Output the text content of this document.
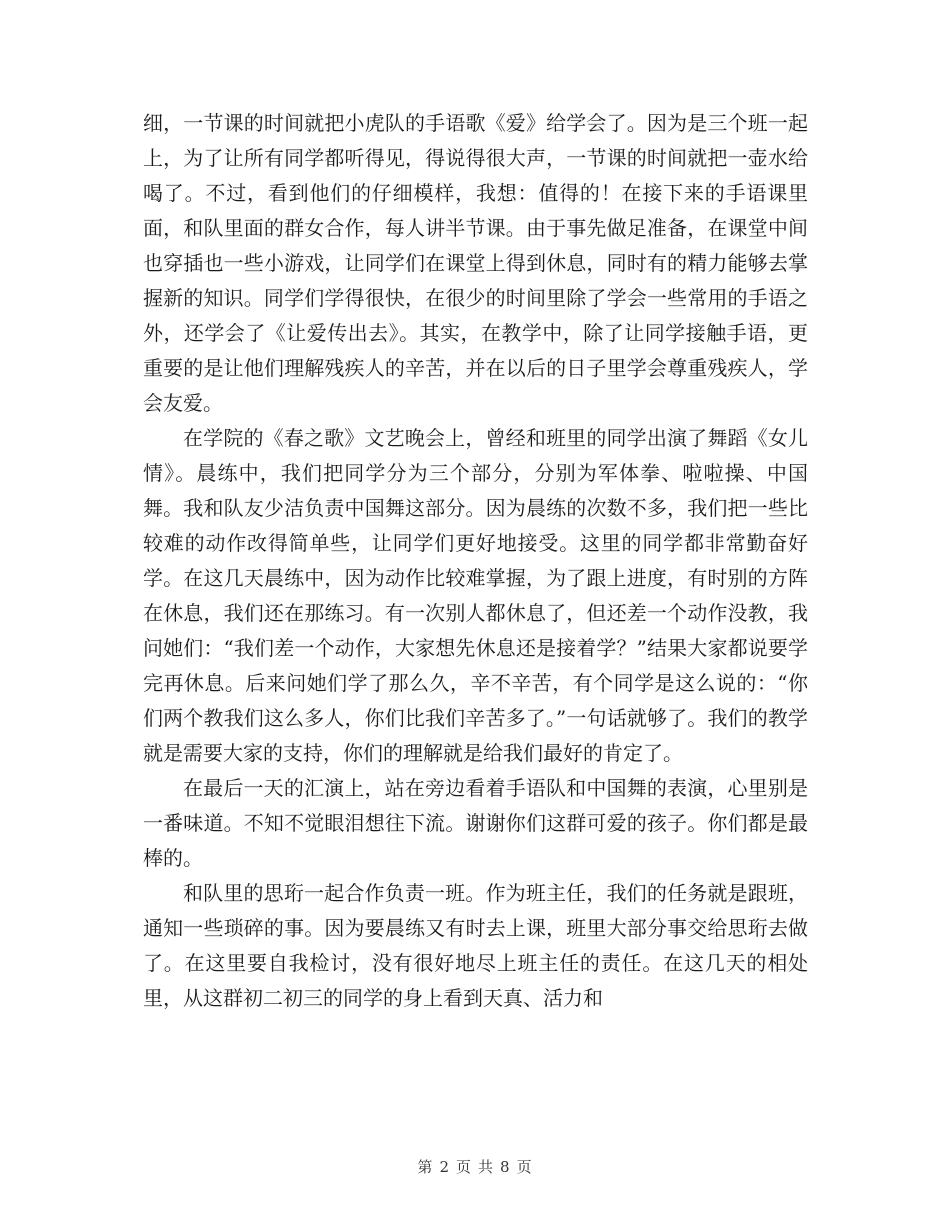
细，一节课的时间就把小虎队的手语歌《爱》给学会了。因为是三个班一起上，为了让所有同学都听得见，得说得很大声，一节课的时间就把一壶水给喝了。不过，看到他们的仔细模样，我想：值得的！在接下来的手语课里面，和队里面的群女合作，每人讲半节课。由于事先做足准备，在课堂中间也穿插也一些小游戏，让同学们在课堂上得到休息，同时有的精力能够去掌握新的知识。同学们学得很快，在很少的时间里除了学会一些常用的手语之外，还学会了《让爱传出去》。其实，在教学中，除了让同学接触手语，更重要的是让他们理解残疾人的辛苦，并在以后的日子里学会尊重残疾人，学会友爱。

在学院的《春之歌》文艺晚会上，曾经和班里的同学出演了舞蹈《女儿情》。晨练中，我们把同学分为三个部分，分别为军体拳、啦啦操、中国舞。我和队友少洁负责中国舞这部分。因为晨练的次数不多，我们把一些比较难的动作改得简单些，让同学们更好地接受。这里的同学都非常勤奋好学。在这几天晨练中，因为动作比较难掌握，为了跟上进度，有时别的方阵在休息，我们还在那练习。有一次别人都休息了，但还差一个动作没教，我问她们：“我们差一个动作，大家想先休息还是接着学？”结果大家都说要学完再休息。后来问她们学了那么久，辛不辛苦，有个同学是这么说的：“你们两个教我们这么多人，你们比我们辛苦多了。”一句话就够了。我们的教学就是需要大家的支持，你们的理解就是给我们最好的肯定了。

在最后一天的汇演上，站在旁边看着手语队和中国舞的表演，心里别是一番味道。不知不觉眼泪想往下流。谢谢你们这群可爱的孩子。你们都是最棒的。

和队里的思珩一起合作负责一班。作为班主任，我们的任务就是跟班，通知一些琐碎的事。因为要晨练又有时去上课，班里大部分事交给思珩去做了。在这里要自我检讨，没有很好地尽上班主任的责任。在这几天的相处里，从这群初二初三的同学的身上看到天真、活力和

第 2 页 共 8 页
